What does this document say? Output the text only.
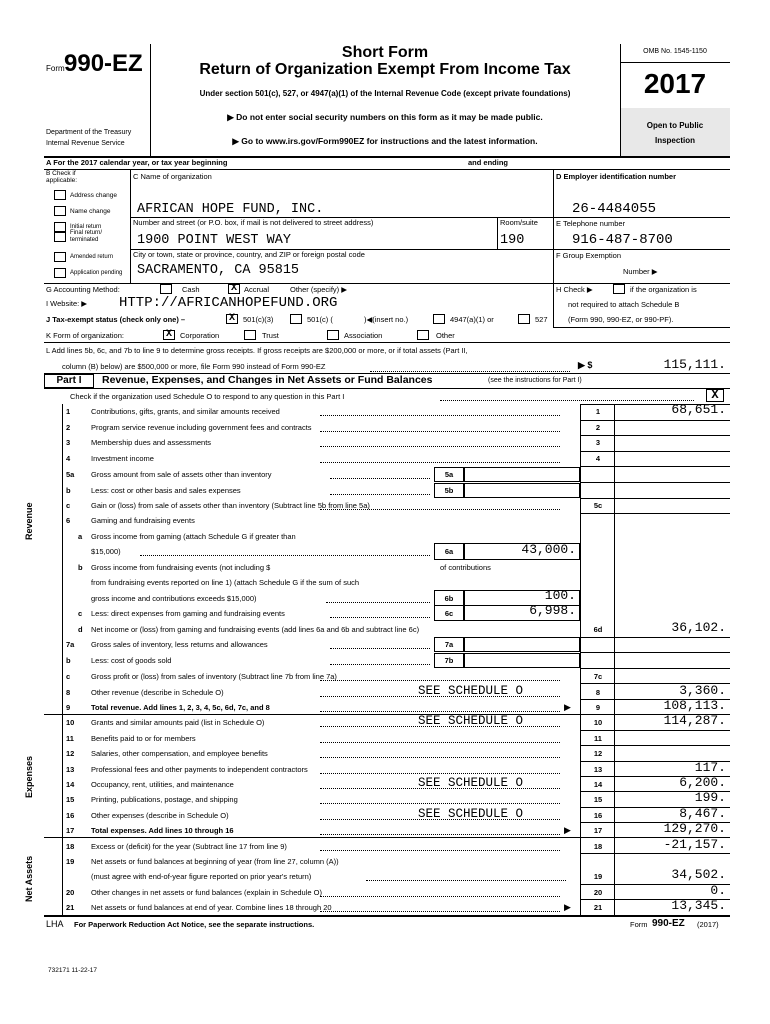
Form 990-EZ
Department of the Treasury
Internal Revenue Service
Short Form
Return of Organization Exempt From Income Tax
Under section 501(c), 527, or 4947(a)(1) of the Internal Revenue Code (except private foundations)
▶ Do not enter social security numbers on this form as it may be made public.
▶ Go to www.irs.gov/Form990EZ for instructions and the latest information.
OMB No. 1545-1150
2017
Open to Public
Inspection
A For the 2017 calendar year, or tax year beginning	and ending
B Check if applicable:
Address change
Name change
Initial return
Final return/ terminated
Amended return
Application pending
C Name of organization
AFRICAN HOPE FUND, INC.
Number and street (or P.O. box, if mail is not delivered to street address)	Room/suite
1900 POINT WEST WAY	190
City or town, state or province, country, and ZIP or foreign postal code
SACRAMENTO, CA 95815
D Employer identification number
26-4484055
E Telephone number
916-487-8700
F Group Exemption
Number ▶
G Accounting Method:	Cash	X Accrual	Other (specify) ▶	H Check ▶	if the organization is
not required to attach Schedule B
(Form 990, 990-EZ, or 990-PF).
I Website: ▶ HTTP://AFRICANHOPEFUND.ORG
J Tax-exempt status (check only one) –	X	501(c)(3)	501(c) (	)◀(insert no.)	4947(a)(1) or	527
K Form of organization:	X	Corporation	Trust	Association	Other
L Add lines 5b, 6c, and 7b to line 9 to determine gross receipts. If gross receipts are $200,000 or more, or if total assets (Part II,
column (B) below) are $500,000 or more, file Form 990 instead of Form 990-EZ	▶ $	115,111.
Part I	Revenue, Expenses, and Changes in Net Assets or Fund Balances	(see the instructions for Part I)
Check if the organization used Schedule O to respond to any question in this Part I	X
Revenue
Expenses
Net Assets
1	Contributions, gifts, grants, and similar amounts received	1	68,651.
2	Program service revenue including government fees and contracts	2
3	Membership dues and assessments	3
4	Investment income	4
5a	Gross amount from sale of assets other than inventory	5a
b	Less: cost or other basis and sales expenses	5b
c	Gain or (loss) from sale of assets other than inventory (Subtract line 5b from line 5a)	5c
6	Gaming and fundraising events
7a	Gross sales of inventory, less returns and allowances	7a
b	Less: cost of goods sold	7b
c	Gross profit or (loss) from sales of inventory (Subtract line 7b from line 7a)	7c
8	Other revenue (describe in Schedule O)	8	3,360.
SEE SCHEDULE O
9	Total revenue. Add lines 1, 2, 3, 4, 5c, 6d, 7c, and 8	9	108,113.
▶
10	Grants and similar amounts paid (list in Schedule O)	10	114,287.
SEE SCHEDULE O
11	Benefits paid to or for members	11
12	Salaries, other compensation, and employee benefits	12
13	Professional fees and other payments to independent contractors	13	117.
14	Occupancy, rent, utilities, and maintenance	14	6,200.
SEE SCHEDULE O
15	Printing, publications, postage, and shipping	15	199.
16	Other expenses (describe in Schedule O)	16	8,467.
SEE SCHEDULE O
17	Total expenses. Add lines 10 through 16	17	129,270.
▶
18	Excess or (deficit) for the year (Subtract line 17 from line 9)	18	-21,157.
20	Other changes in net assets or fund balances (explain in Schedule O)	20	0.
21	Net assets or fund balances at end of year. Combine lines 18 through 20	21	13,345.
▶
a Gross income from gaming (attach Schedule G if greater than
$15,000)	6a	43,000.
b Gross income from fundraising events (not including $	of contributions
from fundraising events reported on line 1) (attach Schedule G if the sum of such
gross income and contributions exceeds $15,000)	6b	100.
c Less: direct expenses from gaming and fundraising events	6c	6,998.
d Net income or (loss) from gaming and fundraising events (add lines 6a and 6b and subtract line 6c)	6d	36,102.
19	Net assets or fund balances at beginning of year (from line 27, column (A))
(must agree with end-of-year figure reported on prior year's return)	19	34,502.
LHA For Paperwork Reduction Act Notice, see the separate instructions.	Form 990-EZ (2017)
732171 11-22-17
